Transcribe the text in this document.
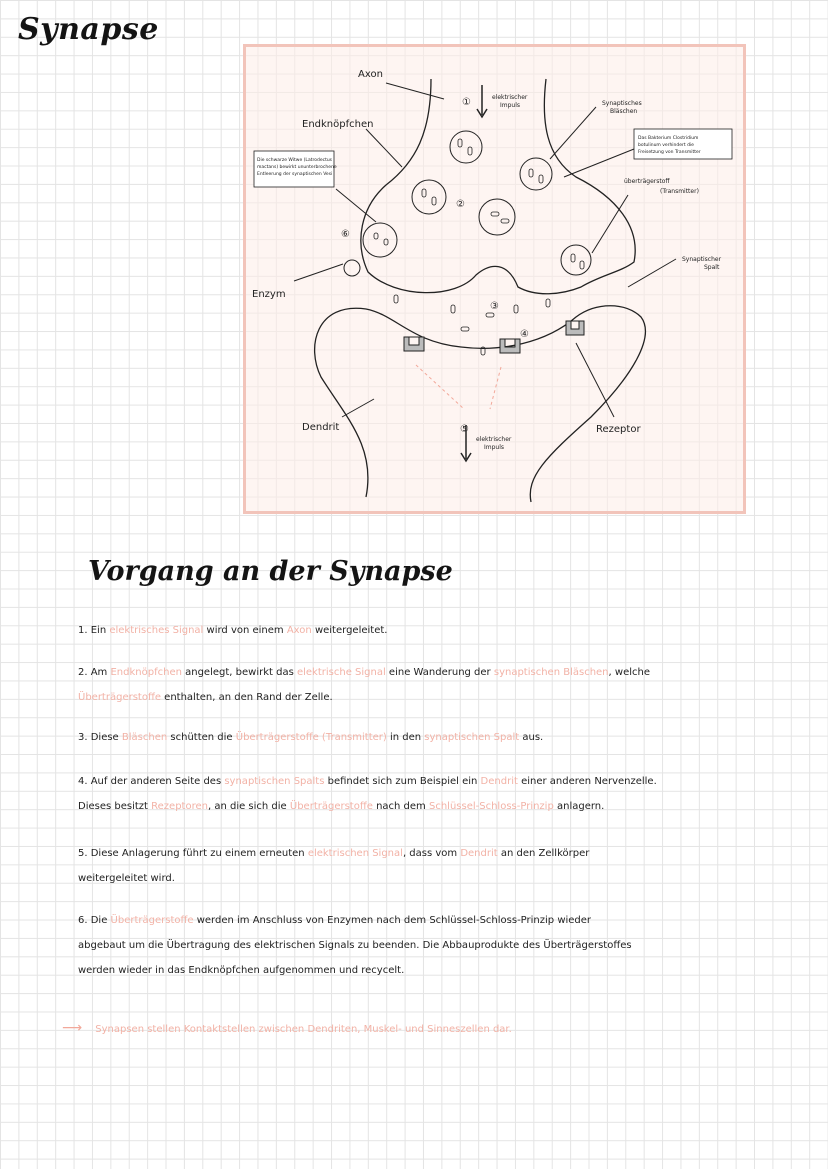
Synapse
Axon
Endknöpfchen
Enzym
Dendrit	Rezeptor
Synaptisches
Bläschen
überträgerstoff
(Transmitter)
Synaptischer
Spalt
elektrischer
Impuls
elektrischer
Impuls
Das Bakterium Clostridium
botulinum verhindert die
Freisetzung von Transmitter
Die schwarze Witwe (Latrodectus
mactans) bewirkt ununterbrochene
Entleerung der synaptischen Vesi
①
②
③
④
⑤
⑥
Vorgang an der Synapse

1. Ein elektrisches Signal wird von einem Axon weitergeleitet.

2. Am Endknöpfchen angelegt, bewirkt das elektrische Signal eine Wanderung der synaptischen Bläschen, welche
Überträgerstoffe enthalten, an den Rand der Zelle.

3. Diese Bläschen schütten die Überträgerstoffe (Transmitter) in den synaptischen Spalt aus.

4. Auf der anderen Seite des synaptischen Spalts befindet sich zum Beispiel ein Dendrit einer anderen Nervenzelle.
Dieses besitzt Rezeptoren, an die sich die Überträgerstoffe nach dem Schlüssel-Schloss-Prinzip anlagern.

5. Diese Anlagerung führt zu einem erneuten elektrischen Signal, dass vom Dendrit an den Zellkörper
weitergeleitet wird.

6. Die Überträgerstoffe werden im Anschluss von Enzymen nach dem Schlüssel-Schloss-Prinzip wieder
abgebaut um die Übertragung des elektrischen Signals zu beenden. Die Abbauprodukte des Überträgerstoffes
werden wieder in das Endknöpfchen aufgenommen und recycelt.

⟶ Synapsen stellen Kontaktstellen zwischen Dendriten, Muskel- und Sinneszellen dar.
